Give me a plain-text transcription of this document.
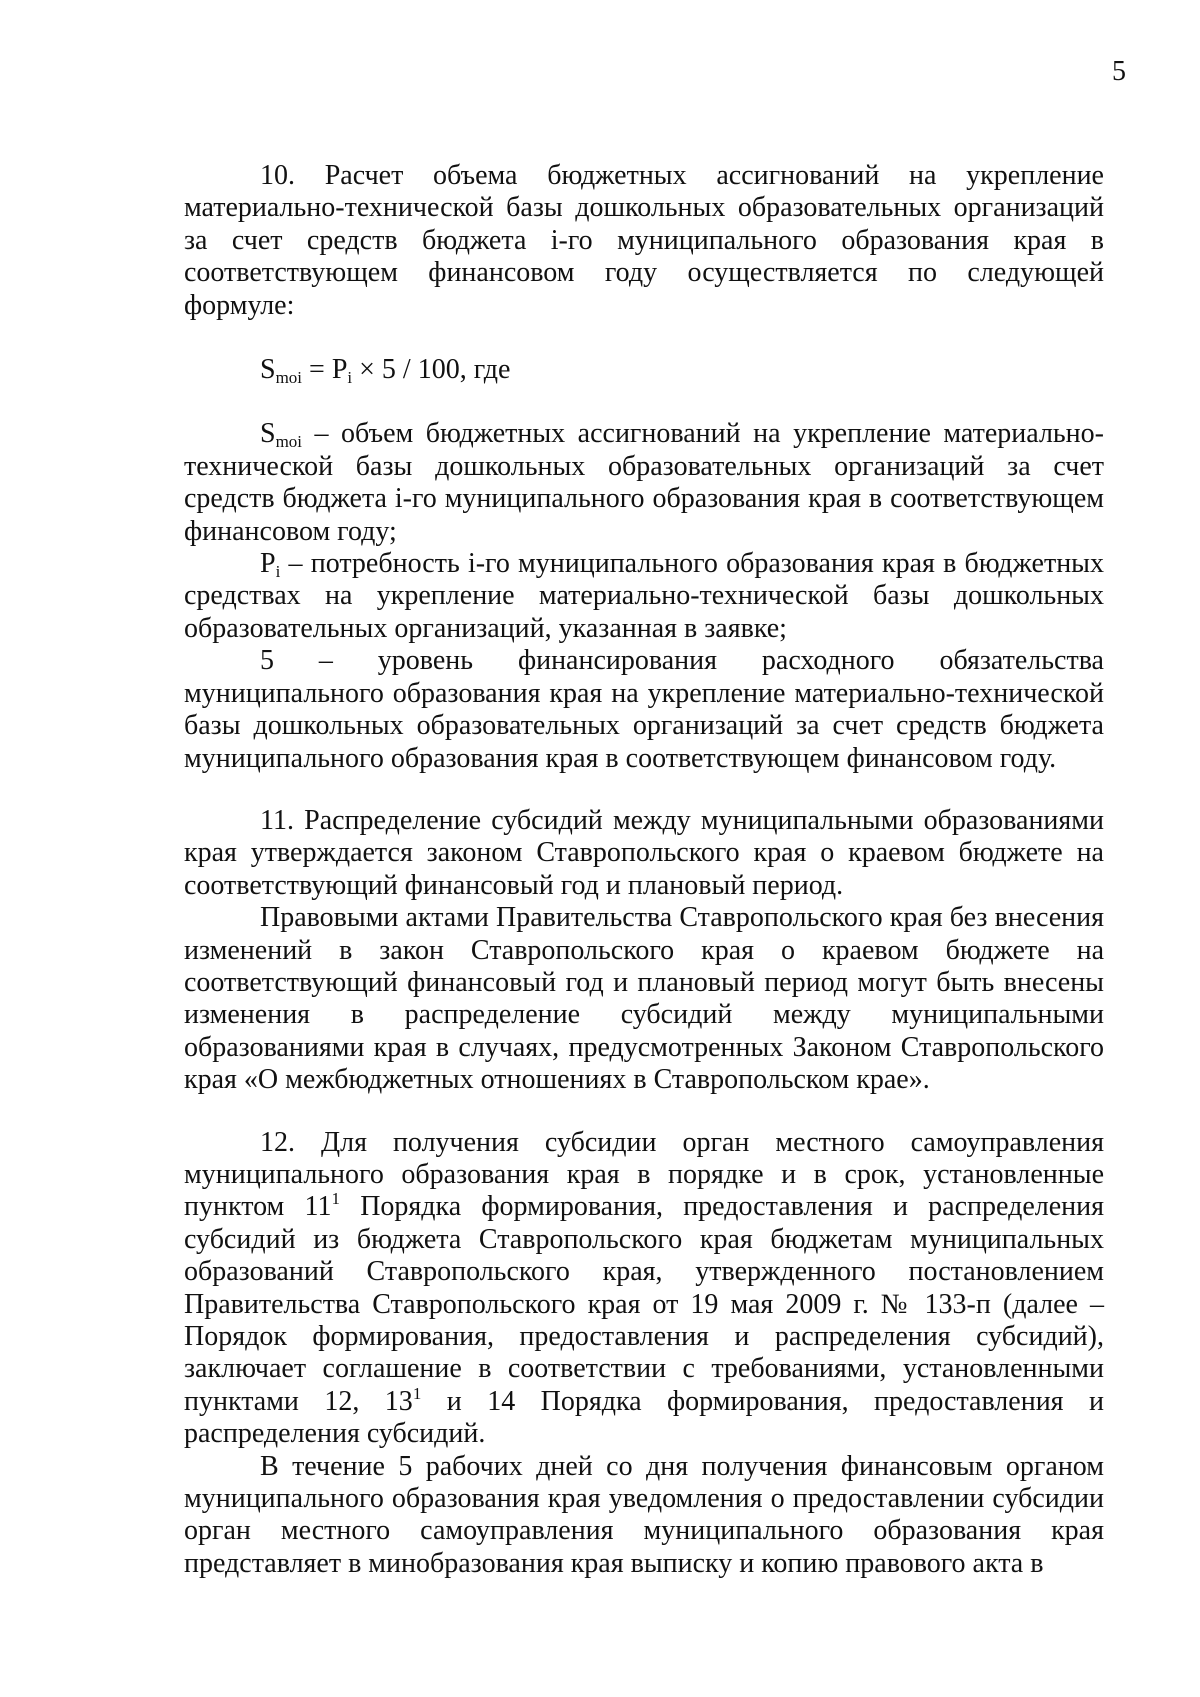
5

10. Расчет объема бюджетных ассигнований на укрепление материально-технической базы дошкольных образовательных организаций за счет средств бюджета i-го муниципального образования края в соответствующем финансовом году осуществляется по следующей формуле:

$S_{moi} = P_i \times 5 / 100$, где

$S_{moi}$ – объем бюджетных ассигнований на укрепление материально-технической базы дошкольных образовательных организаций за счет средств бюджета i-го муниципального образования края в соответствующем финансовом году;

$P_i$ – потребность i-го муниципального образования края в бюджетных средствах на укрепление материально-технической базы дошкольных образовательных организаций, указанная в заявке;

5 – уровень финансирования расходного обязательства муниципального образования края на укрепление материально-технической базы дошкольных образовательных организаций за счет средств бюджета муниципального образования края в соответствующем финансовом году.

11. Распределение субсидий между муниципальными образованиями края утверждается законом Ставропольского края о краевом бюджете на соответствующий финансовый год и плановый период.

Правовыми актами Правительства Ставропольского края без внесения изменений в закон Ставропольского края о краевом бюджете на соответствующий финансовый год и плановый период могут быть внесены изменения в распределение субсидий между муниципальными образованиями края в случаях, предусмотренных Законом Ставропольского края «О межбюджетных отношениях в Ставропольском крае».

12. Для получения субсидии орган местного самоуправления муниципального образования края в порядке и в срок, установленные пунктом $11^1$ Порядка формирования, предоставления и распределения субсидий из бюджета Ставропольского края бюджетам муниципальных образований Ставропольского края, утвержденного постановлением Правительства Ставропольского края от 19 мая 2009 г. № 133-п (далее – Порядок формирования, предоставления и распределения субсидий), заключает соглашение в соответствии с требованиями, установленными пунктами 12, $13^1$ и 14 Порядка формирования, предоставления и распределения субсидий.

В течение 5 рабочих дней со дня получения финансовым органом муниципального образования края уведомления о предоставлении субсидии орган местного самоуправления муниципального образования края представляет в минобразования края выписку и копию правового акта в
